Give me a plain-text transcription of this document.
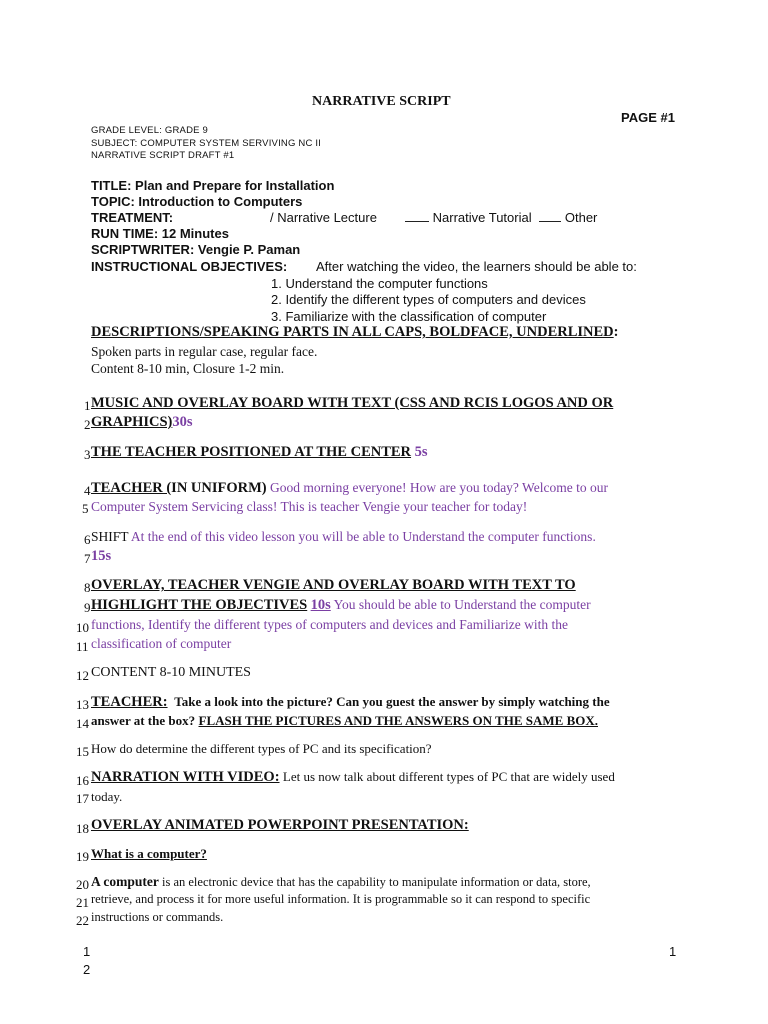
NARRATIVE SCRIPT
PAGE #1
GRADE LEVEL: GRADE 9
SUBJECT: COMPUTER SYSTEM SERVIVING NC II
NARRATIVE SCRIPT DRAFT #1
TITLE: Plan and Prepare for Installation
TOPIC: Introduction to Computers
TREATMENT:	/ Narrative Lecture	Narrative Tutorial	Other
RUN TIME: 12 Minutes
SCRIPTWRITER: Vengie P. Paman
INSTRUCTIONAL OBJECTIVES: After watching the video, the learners should be able to:
1. Understand the computer functions
2. Identify the different types of computers and devices
3. Familiarize with the classification of computer
DESCRIPTIONS/SPEAKING PARTS IN ALL CAPS, BOLDFACE, UNDERLINED:
Spoken parts in regular case, regular face.
Content 8-10 min, Closure 1-2 min.
1 MUSIC AND OVERLAY BOARD WITH TEXT (CSS AND RCIS LOGOS AND OR
2 GRAPHICS)30s
3 THE TEACHER POSITIONED AT THE CENTER 5s
4 TEACHER (IN UNIFORM) Good morning everyone! How are you today? Welcome to our
5 Computer System Servicing class! This is teacher Vengie your teacher for today!
6 SHIFT At the end of this video lesson you will be able to Understand the computer functions.
7 15s
8 OVERLAY, TEACHER VENGIE AND OVERLAY BOARD WITH TEXT TO
9 HIGHLIGHT THE OBJECTIVES 10s You should be able to Understand the computer
10 functions, Identify the different types of computers and devices and Familiarize with the
11 classification of computer
12 CONTENT 8-10 MINUTES
13 TEACHER: Take a look into the picture? Can you guest the answer by simply watching the
14 answer at the box? FLASH THE PICTURES AND THE ANSWERS ON THE SAME BOX.
15 How do determine the different types of PC and its specification?
16 NARRATION WITH VIDEO: Let us now talk about different types of PC that are widely used
17 today.
18 OVERLAY ANIMATED POWERPOINT PRESENTATION:
19 What is a computer?
20 A computer is an electronic device that has the capability to manipulate information or data, store,
21 retrieve, and process it for more useful information. It is programmable so it can respond to specific
22 instructions or commands.
1
2
1
